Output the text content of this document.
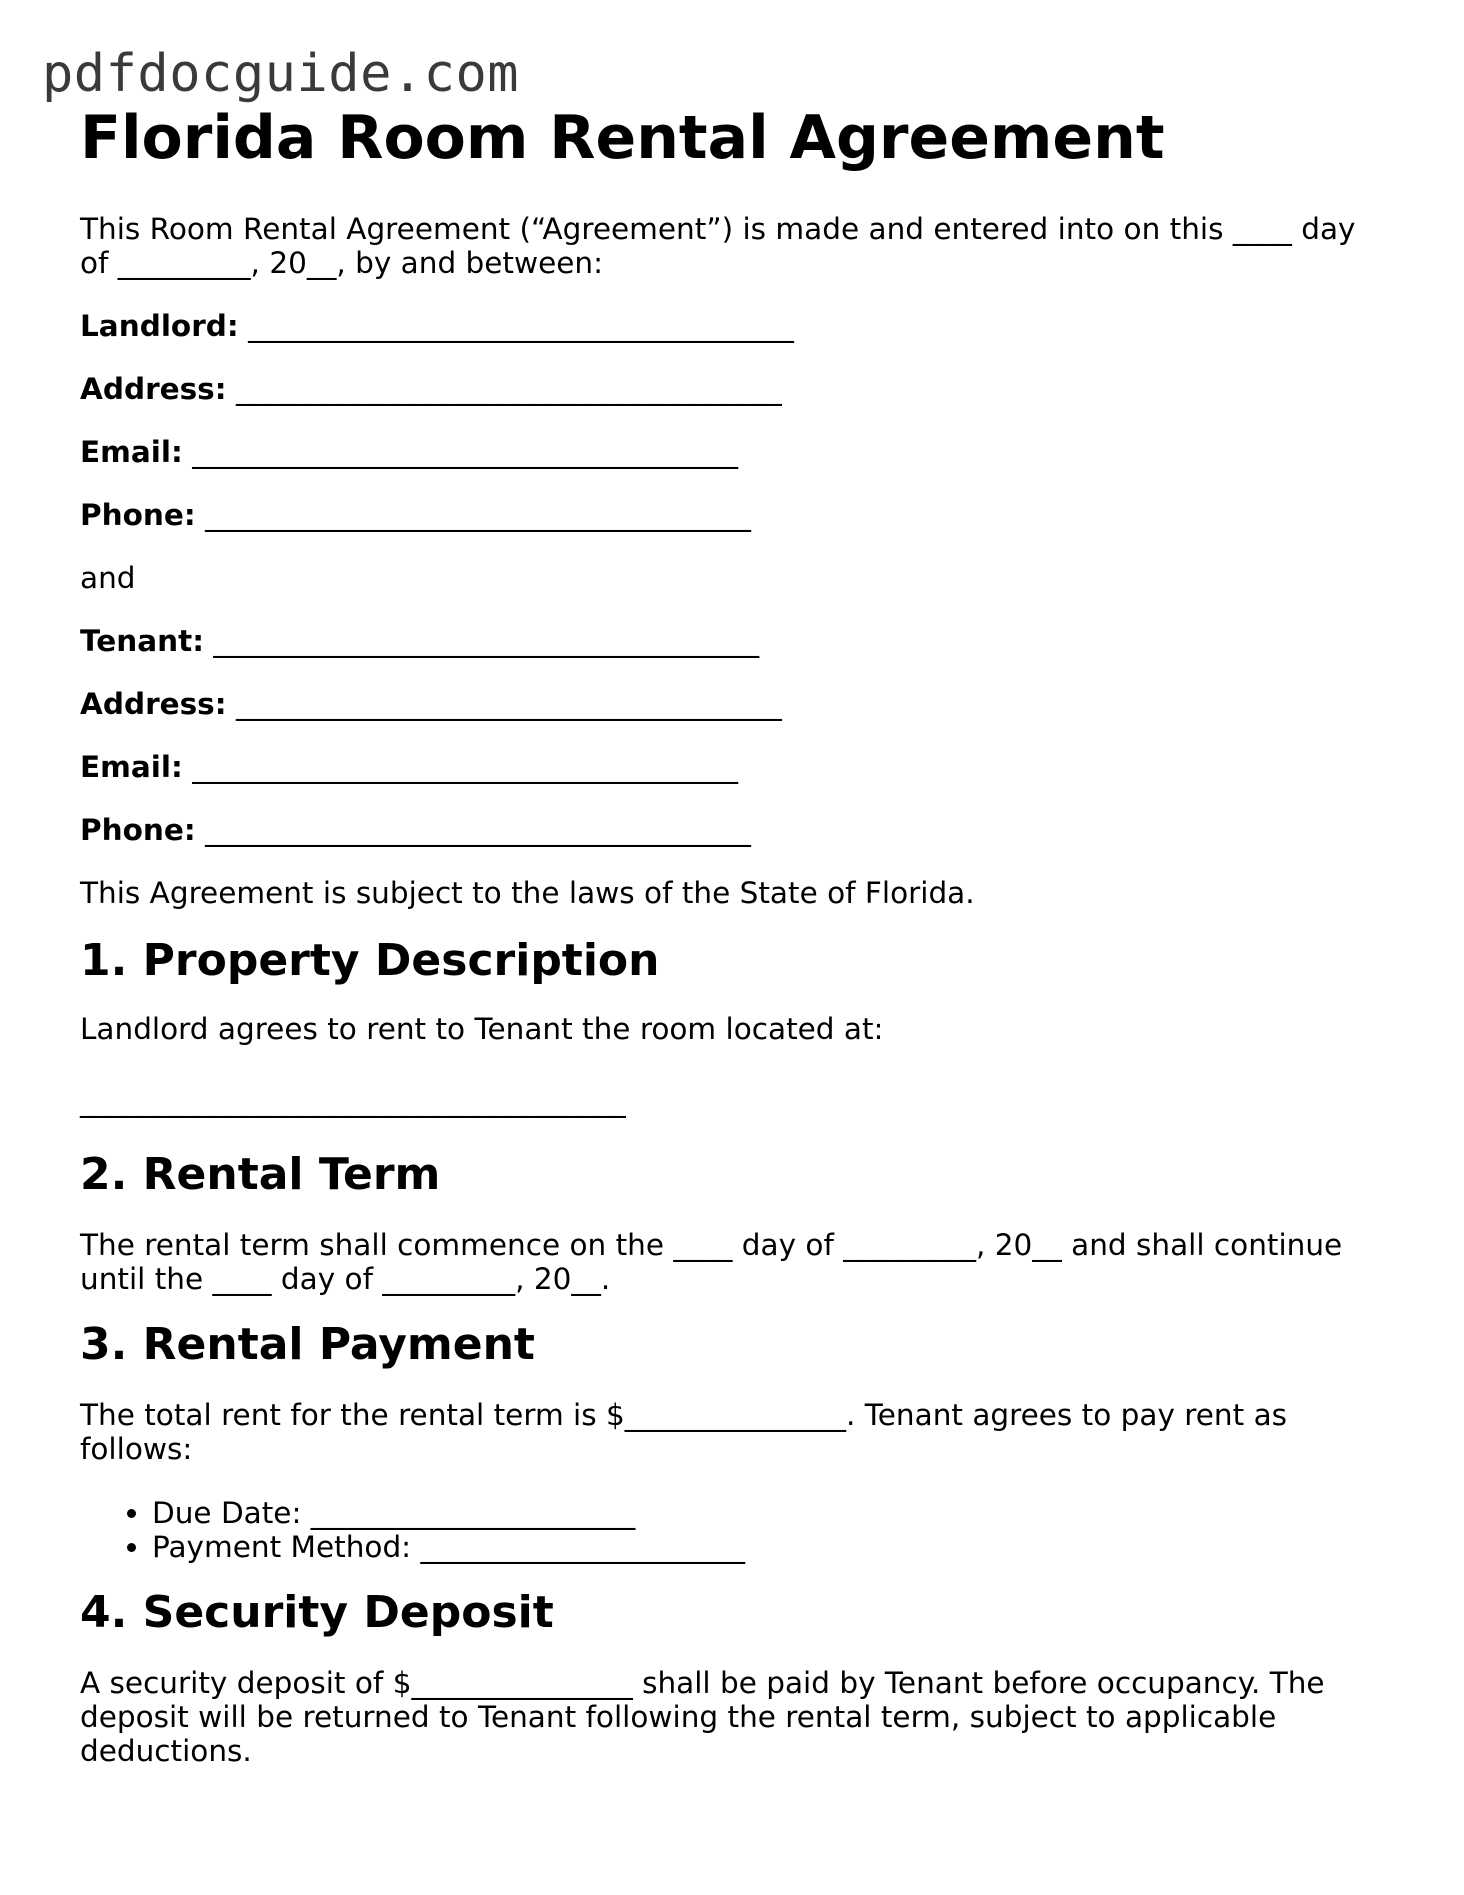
pdfdocguide.com
Florida Room Rental Agreement

This Room Rental Agreement (“Agreement”) is made and entered into on this ____ day of _________, 20__, by and between:

Landlord: _____________________________________

Address: _____________________________________

Email: _____________________________________

Phone: _____________________________________

and

Tenant: _____________________________________

Address: _____________________________________

Email: _____________________________________

Phone: _____________________________________

This Agreement is subject to the laws of the State of Florida.

1. Property Description

Landlord agrees to rent to Tenant the room located at:

_____________________________________

2. Rental Term

The rental term shall commence on the ____ day of _________, 20__ and shall continue until the ____ day of _________, 20__.

3. Rental Payment

The total rent for the rental term is $_______________. Tenant agrees to pay rent as follows:

• Due Date: ______________________
• Payment Method: ______________________
4. Security Deposit

A security deposit of $_______________ shall be paid by Tenant before occupancy. The deposit will be returned to Tenant following the rental term, subject to applicable deductions.
